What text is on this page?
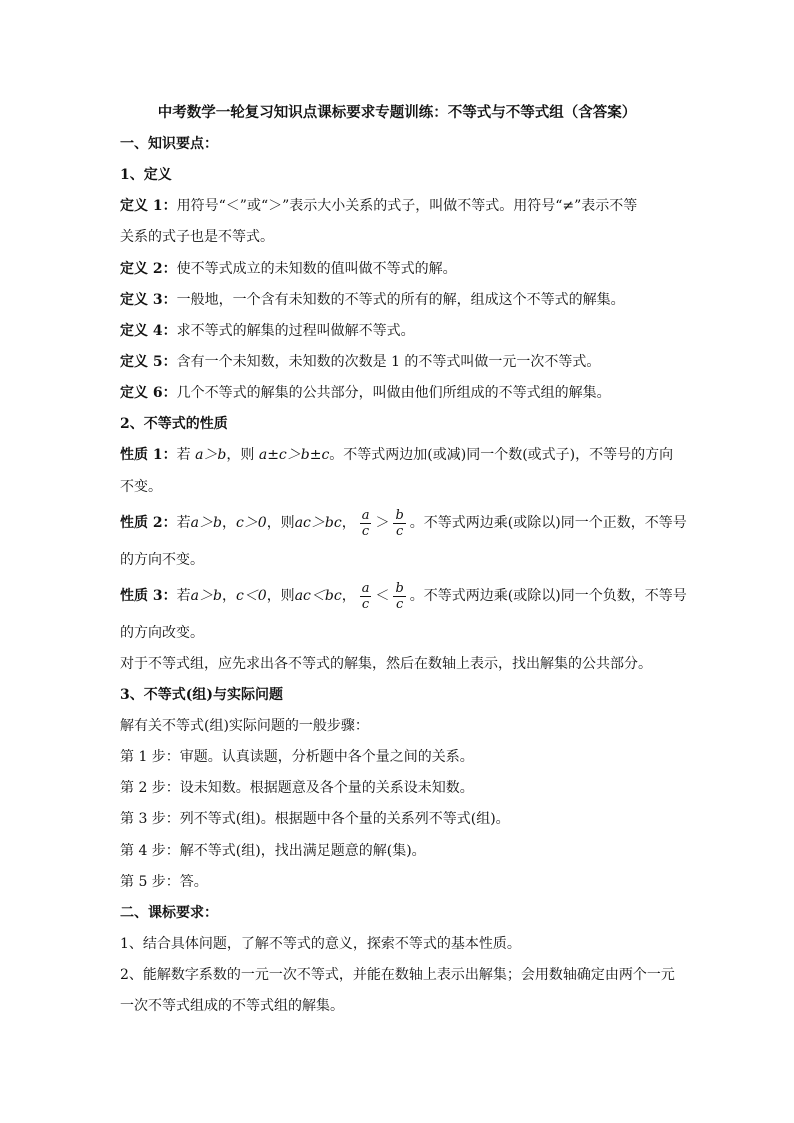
中考数学一轮复习知识点课标要求专题训练：不等式与不等式组（含答案）
一、知识要点：
1、定义
定义 1：用符号“＜”或“＞”表示大小关系的式子，叫做不等式。用符号“≠”表示不等
关系的式子也是不等式。
定义 2：使不等式成立的未知数的值叫做不等式的解。
定义 3：一般地，一个含有未知数的不等式的所有的解，组成这个不等式的解集。
定义 4：求不等式的解集的过程叫做解不等式。
定义 5：含有一个未知数，未知数的次数是 1 的不等式叫做一元一次不等式。
定义 6：几个不等式的解集的公共部分，叫做由他们所组成的不等式组的解集。
2、不等式的性质
性质 1：若 a＞b，则 a±c＞b±c。不等式两边加(或减)同一个数(或式子)，不等号的方向
不变。
性质 2： 若 a＞b ， c＞0 ，则 ac＞bc ， $\frac{a}{c} > \frac{b}{c}$ 。不等式两边乘(或除以)同一个正数，不等号
的方向不变。
性质 3： 若 a＞b ， c＜0 ，则 ac＜bc ， $\frac{a}{c} < \frac{b}{c}$ 。不等式两边乘(或除以)同一个负数，不等号
的方向改变。
对于不等式组，应先求出各不等式的解集，然后在数轴上表示，找出解集的公共部分。
3、不等式(组)与实际问题
解有关不等式(组)实际问题的一般步骤：
第 1 步：审题。认真读题，分析题中各个量之间的关系。
第 2 步：设未知数。根据题意及各个量的关系设未知数。
第 3 步：列不等式(组)。根据题中各个量的关系列不等式(组)。
第 4 步：解不等式(组)，找出满足题意的解(集)。
第 5 步：答。
二、课标要求：
1、结合具体问题，了解不等式的意义，探索不等式的基本性质。
2、能解数字系数的一元一次不等式，并能在数轴上表示出解集；会用数轴确定由两个一元
一次不等式组成的不等式组的解集。
